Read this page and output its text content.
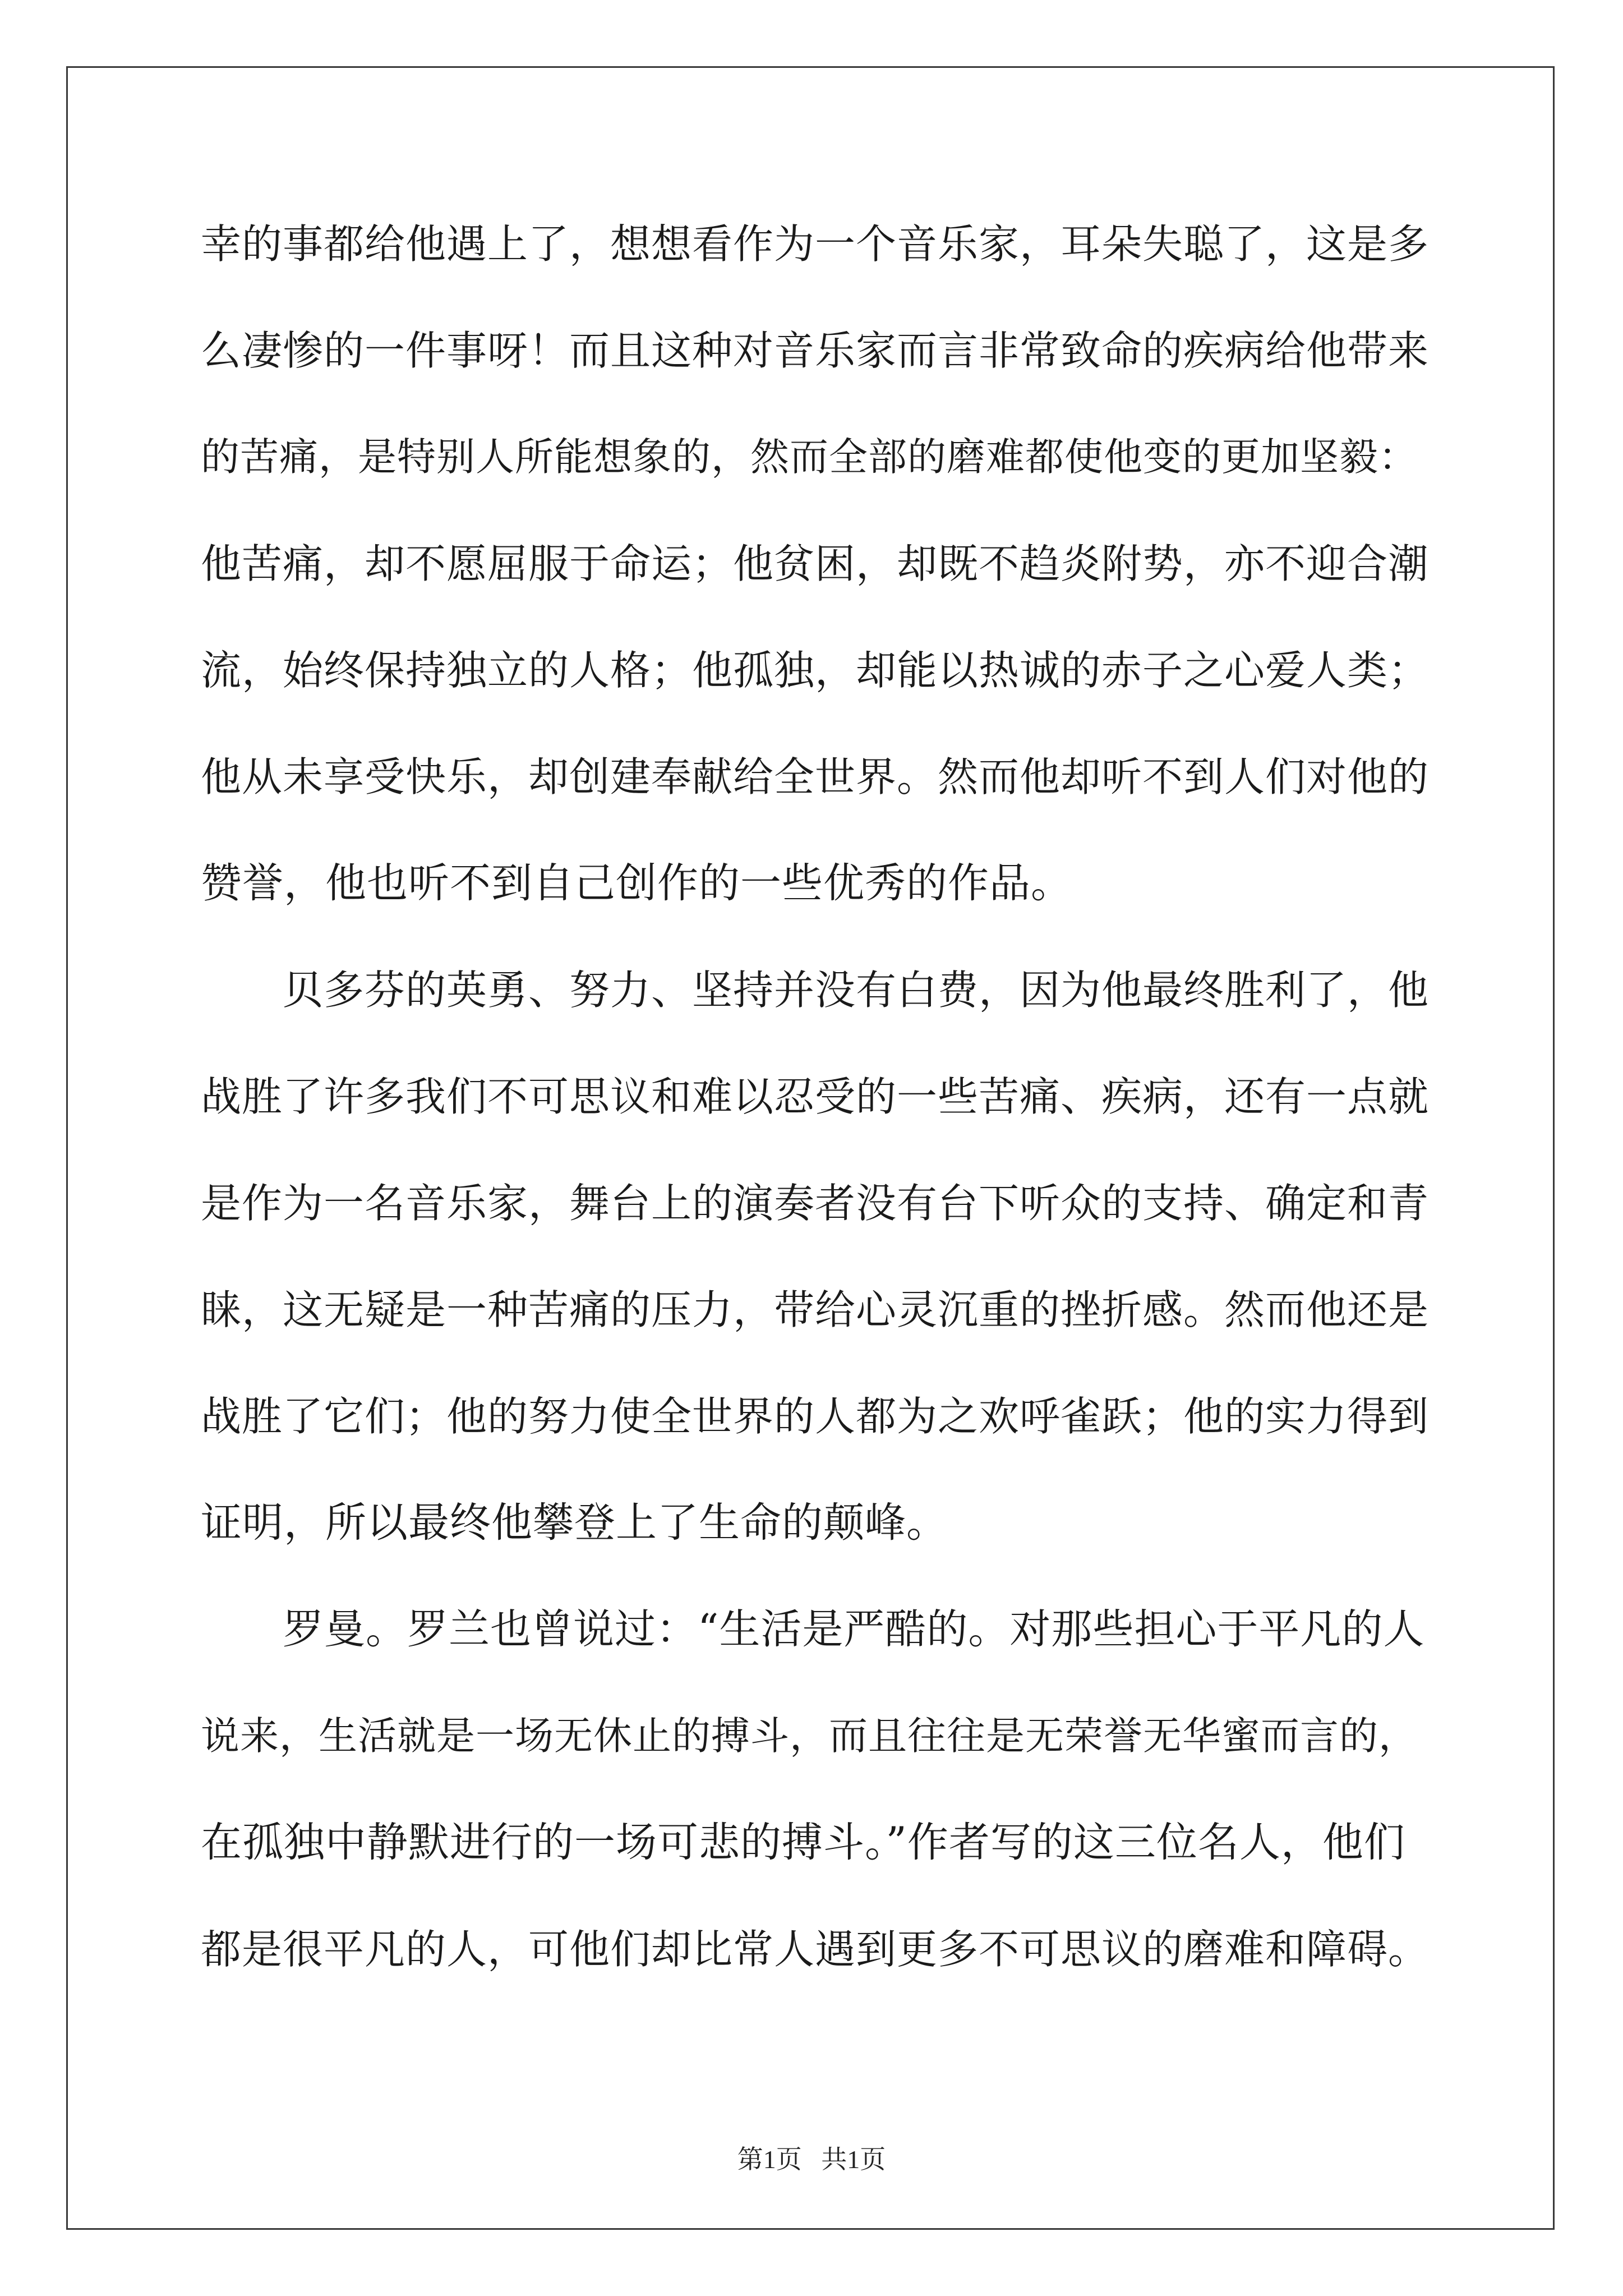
幸的事都给他遇上了，想想看作为一个音乐家，耳朵失聪了，这是多
么凄惨的一件事呀！而且这种对音乐家而言非常致命的疾病给他带来
的苦痛，是特别人所能想象的，然而全部的磨难都使他变的更加坚毅：
他苦痛，却不愿屈服于命运；他贫困，却既不趋炎附势，亦不迎合潮
流，始终保持独立的人格；他孤独，却能以热诚的赤子之心爱人类；
他从未享受快乐，却创建奉献给全世界。然而他却听不到人们对他的
赞誉，他也听不到自己创作的一些优秀的作品。
贝多芬的英勇、努力、坚持并没有白费，因为他最终胜利了，他
战胜了许多我们不可思议和难以忍受的一些苦痛、疾病，还有一点就
是作为一名音乐家，舞台上的演奏者没有台下听众的支持、确定和青
睐，这无疑是一种苦痛的压力，带给心灵沉重的挫折感。然而他还是
战胜了它们；他的努力使全世界的人都为之欢呼雀跃；他的实力得到
证明，所以最终他攀登上了生命的颠峰。
罗曼。罗兰也曾说过：“生活是严酷的。对那些担心于平凡的人
说来，生活就是一场无休止的搏斗，而且往往是无荣誉无华蜜而言的，
在孤独中静默进行的一场可悲的搏斗。”作者写的这三位名人，他们
都是很平凡的人，可他们却比常人遇到更多不可思议的磨难和障碍。
第1页 共1页
